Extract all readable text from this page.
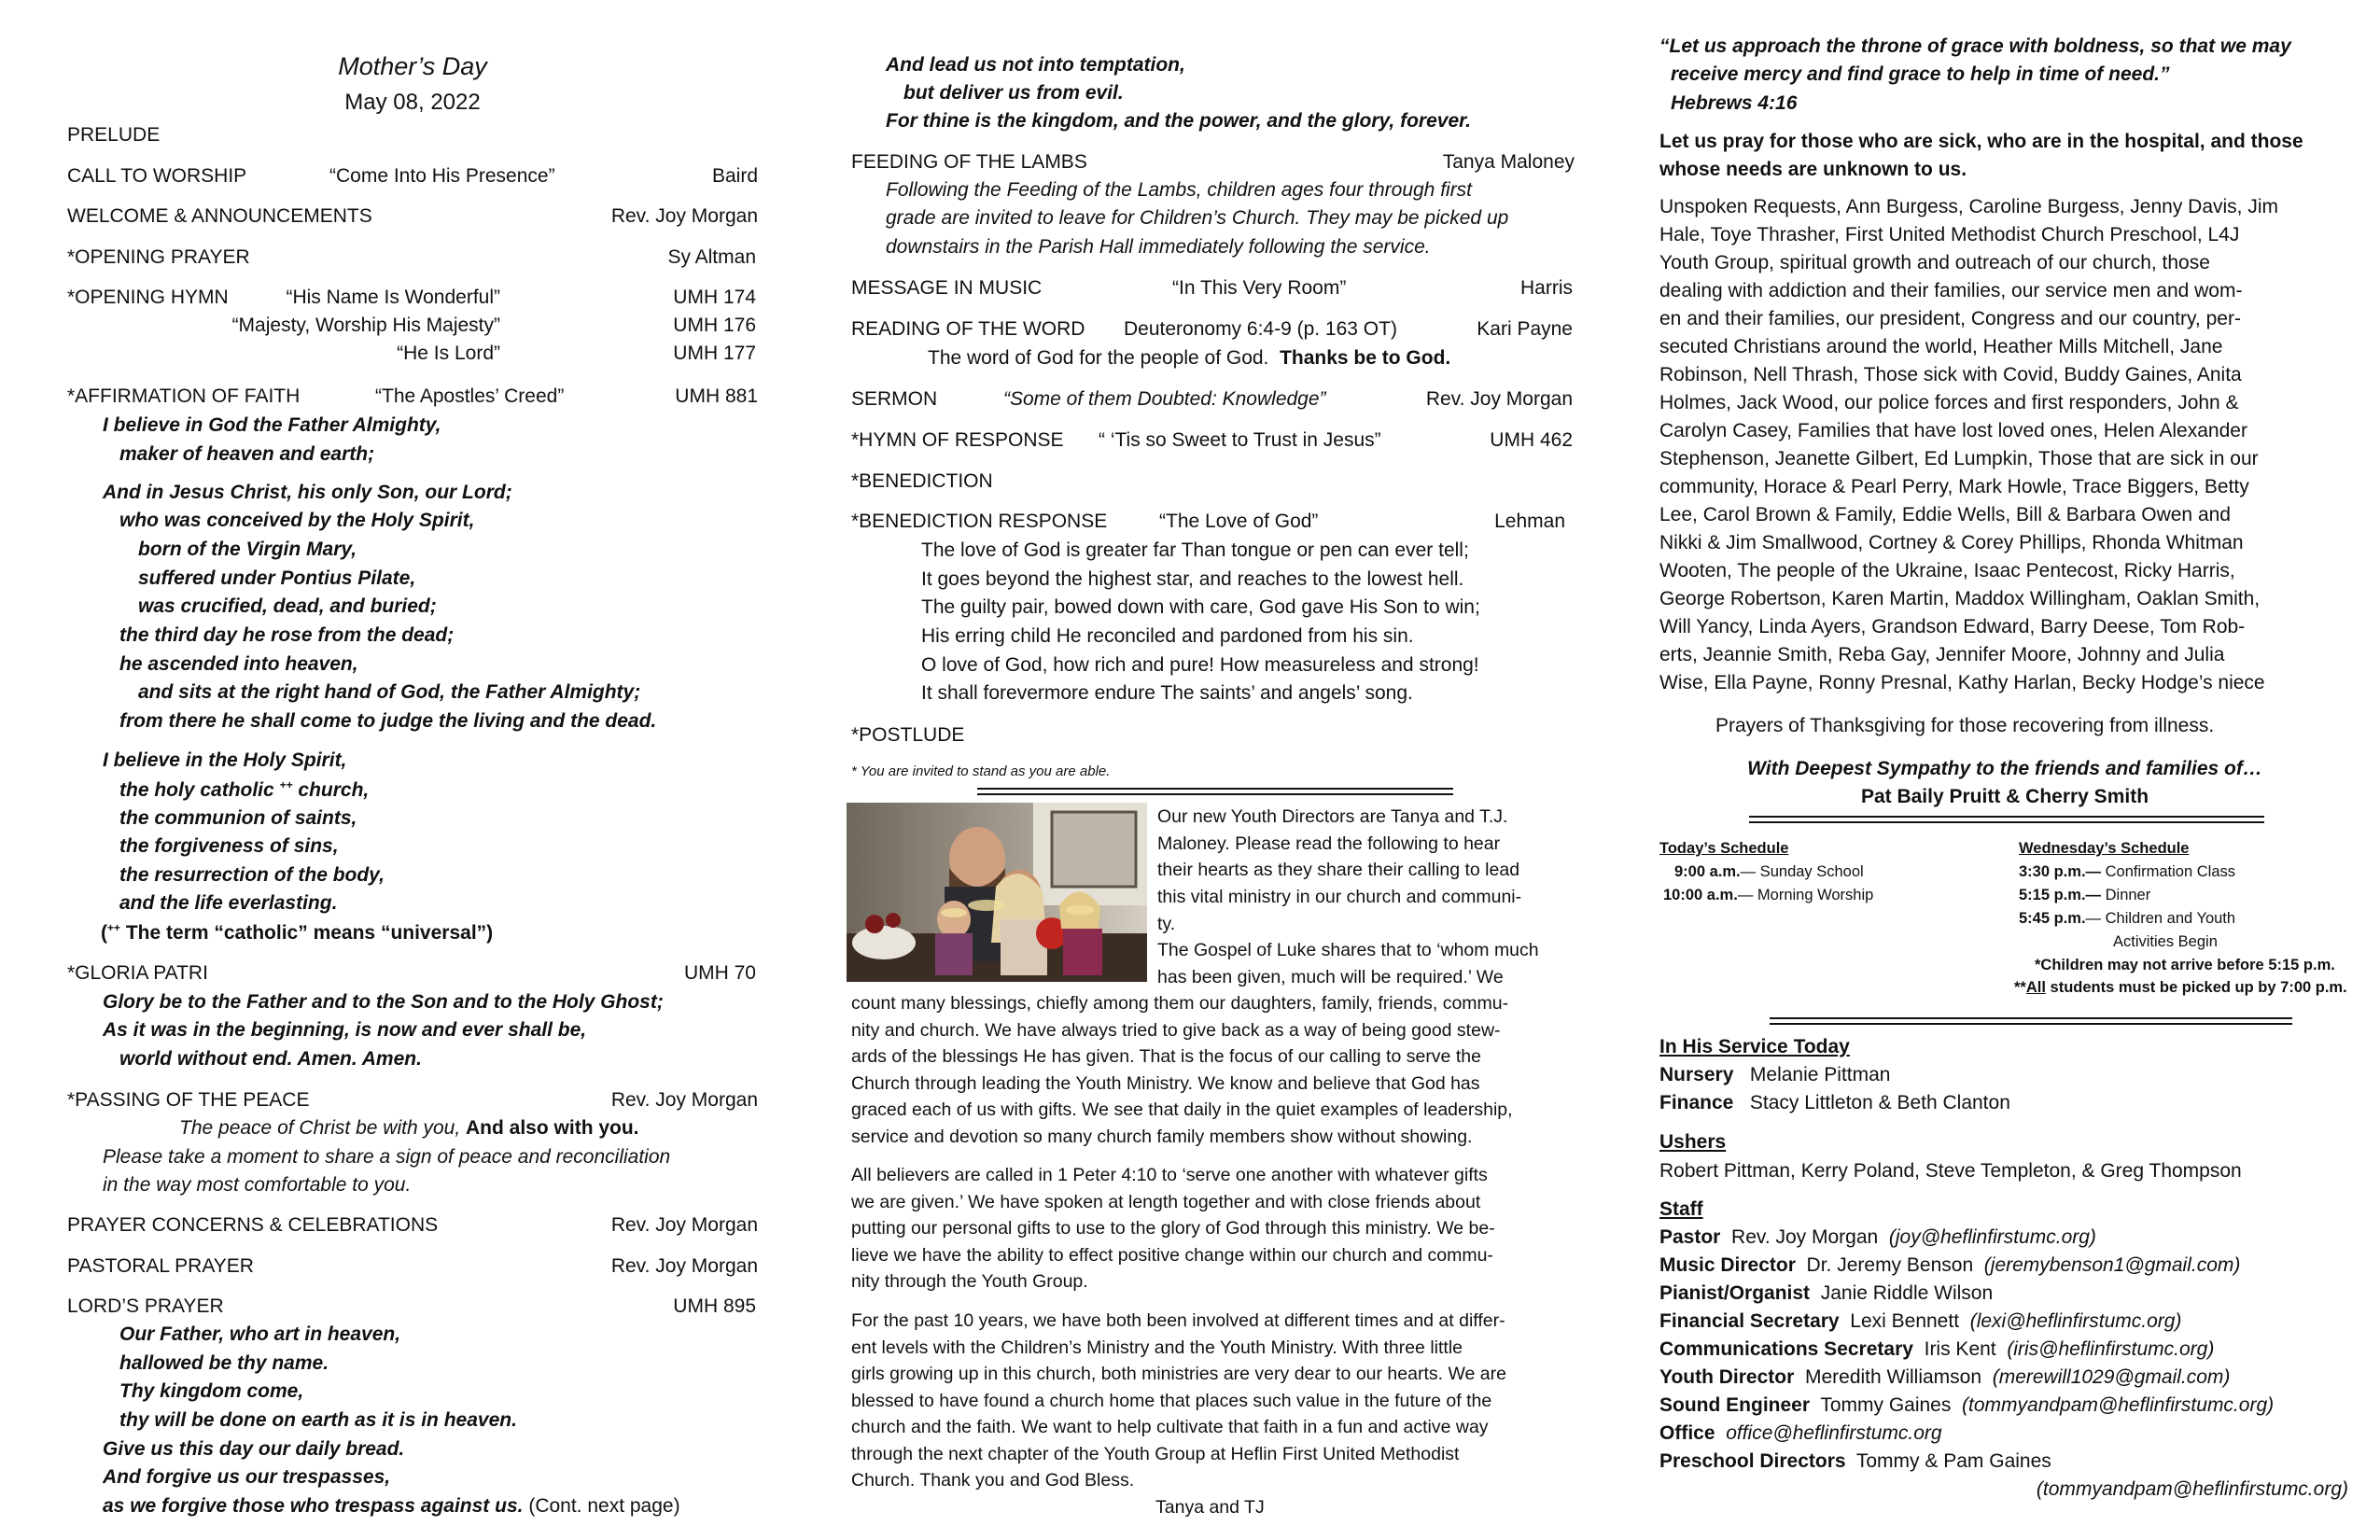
Mother’s Day
May 08, 2022
PRELUDE
CALL TO WORSHIP	“Come Into His Presence”	Baird
WELCOME & ANNOUNCEMENTS	Rev. Joy Morgan
*OPENING PRAYER	Sy Altman
*OPENING HYMN	“His Name Is Wonderful”	UMH 174
“Majesty, Worship His Majesty”	UMH 176
“He Is Lord”	UMH 177
*AFFIRMATION OF FAITH	“The Apostles’ Creed”	UMH 881
I believe in God the Father Almighty,
maker of heaven and earth;
And in Jesus Christ, his only Son, our Lord;
who was conceived by the Holy Spirit,
born of the Virgin Mary,
suffered under Pontius Pilate,
was crucified, dead, and buried;
the third day he rose from the dead;
he ascended into heaven,
and sits at the right hand of God, the Father Almighty;
from there he shall come to judge the living and the dead.
I believe in the Holy Spirit,
the holy catholic ++ church,
the communion of saints,
the forgiveness of sins,
the resurrection of the body,
and the life everlasting.
(++ The term “catholic” means “universal”)
*GLORIA PATRI	UMH 70
Glory be to the Father and to the Son and to the Holy Ghost;
As it was in the beginning, is now and ever shall be,
world without end. Amen. Amen.
*PASSING OF THE PEACE	Rev. Joy Morgan
The peace of Christ be with you, And also with you.
Please take a moment to share a sign of peace and reconciliation
in the way most comfortable to you.
PRAYER CONCERNS & CELEBRATIONS	Rev. Joy Morgan
PASTORAL PRAYER	Rev. Joy Morgan
LORD’S PRAYER	UMH 895
Our Father, who art in heaven,
hallowed be thy name.
Thy kingdom come,
thy will be done on earth as it is in heaven.
Give us this day our daily bread.
And forgive us our trespasses,
as we forgive those who trespass against us. (Cont. next page)
And lead us not into temptation,
but deliver us from evil.
For thine is the kingdom, and the power, and the glory, forever.
FEEDING OF THE LAMBS	Tanya Maloney
Following the Feeding of the Lambs, children ages four through first
grade are invited to leave for Children’s Church. They may be picked up
downstairs in the Parish Hall immediately following the service.
MESSAGE IN MUSIC	“In This Very Room”	Harris
READING OF THE WORD Deuteronomy 6:4-9 (p. 163 OT)	Kari Payne
The word of God for the people of God. Thanks be to God.
SERMON	“Some of them Doubted: Knowledge”	Rev. Joy Morgan
*HYMN OF RESPONSE “ ‘Tis so Sweet to Trust in Jesus”	UMH 462
*BENEDICTION
*BENEDICTION RESPONSE	“The Love of God”	Lehman
The love of God is greater far Than tongue or pen can ever tell;
It goes beyond the highest star, and reaches to the lowest hell.
The guilty pair, bowed down with care, God gave His Son to win;
His erring child He reconciled and pardoned from his sin.
O love of God, how rich and pure! How measureless and strong!
It shall forevermore endure The saints’ and angels’ song.
*POSTLUDE
* You are invited to stand as you are able.
Our new Youth Directors are Tanya and T.J.
Maloney. Please read the following to hear
their hearts as they share their calling to lead
this vital ministry in our church and communi-
ty.
The Gospel of Luke shares that to ‘whom much
has been given, much will be required.’ We
count many blessings, chiefly among them our daughters, family, friends, commu-
nity and church. We have always tried to give back as a way of being good stew-
ards of the blessings He has given. That is the focus of our calling to serve the
Church through leading the Youth Ministry. We know and believe that God has
graced each of us with gifts. We see that daily in the quiet examples of leadership,
service and devotion so many church family members show without showing.
All believers are called in 1 Peter 4:10 to ‘serve one another with whatever gifts
we are given.’ We have spoken at length together and with close friends about
putting our personal gifts to use to the glory of God through this ministry. We be-
lieve we have the ability to effect positive change within our church and commu-
nity through the Youth Group.
For the past 10 years, we have both been involved at different times and at differ-
ent levels with the Children’s Ministry and the Youth Ministry. With three little
girls growing up in this church, both ministries are very dear to our hearts. We are
blessed to have found a church home that places such value in the future of the
church and the faith. We want to help cultivate that faith in a fun and active way
through the next chapter of the Youth Group at Heflin First United Methodist
Church. Thank you and God Bless.
Tanya and TJ
“Let us approach the throne of grace with boldness, so that we may
receive mercy and find grace to help in time of need.”
Hebrews 4:16
Let us pray for those who are sick, who are in the hospital, and those
whose needs are unknown to us.
Unspoken Requests, Ann Burgess, Caroline Burgess, Jenny Davis, Jim
Hale, Toye Thrasher, First United Methodist Church Preschool, L4J
Youth Group, spiritual growth and outreach of our church, those
dealing with addiction and their families, our service men and wom-
en and their families, our president, Congress and our country, per-
secuted Christians around the world, Heather Mills Mitchell, Jane
Robinson, Nell Thrash, Those sick with Covid, Buddy Gaines, Anita
Holmes, Jack Wood, our police forces and first responders, John &
Carolyn Casey, Families that have lost loved ones, Helen Alexander
Stephenson, Jeanette Gilbert, Ed Lumpkin, Those that are sick in our
community, Horace & Pearl Perry, Mark Howle, Trace Biggers, Betty
Lee, Carol Brown & Family, Eddie Wells, Bill & Barbara Owen and
Nikki & Jim Smallwood, Cortney & Corey Phillips, Rhonda Whitman
Wooten, The people of the Ukraine, Isaac Pentecost, Ricky Harris,
George Robertson, Karen Martin, Maddox Willingham, Oaklan Smith,
Will Yancy, Linda Ayers, Grandson Edward, Barry Deese, Tom Rob-
erts, Jeannie Smith, Reba Gay, Jennifer Moore, Johnny and Julia
Wise, Ella Payne, Ronny Presnal, Kathy Harlan, Becky Hodge’s niece
Prayers of Thanksgiving for those recovering from illness.
With Deepest Sympathy to the friends and families of…
Pat Baily Pruitt & Cherry Smith
Today’s Schedule
9:00 a.m.— Sunday School
10:00 a.m.— Morning Worship
Wednesday’s Schedule
3:30 p.m.— Confirmation Class
5:15 p.m.— Dinner
5:45 p.m.— Children and Youth
Activities Begin
*Children may not arrive before 5:15 p.m.
**All students must be picked up by 7:00 p.m.
In His Service Today
Nursery Melanie Pittman
Finance Stacy Littleton & Beth Clanton
Ushers
Robert Pittman, Kerry Poland, Steve Templeton, & Greg Thompson
Staff
Pastor Rev. Joy Morgan (joy@heflinfirstumc.org)
Music Director Dr. Jeremy Benson (jeremybenson1@gmail.com)
Pianist/Organist Janie Riddle Wilson
Financial Secretary Lexi Bennett (lexi@heflinfirstumc.org)
Communications Secretary Iris Kent (iris@heflinfirstumc.org)
Youth Director Meredith Williamson (merewill1029@gmail.com)
Sound Engineer Tommy Gaines (tommyandpam@heflinfirstumc.org)
Office office@heflinfirstumc.org
Preschool Directors Tommy & Pam Gaines
(tommyandpam@heflinfirstumc.org)
